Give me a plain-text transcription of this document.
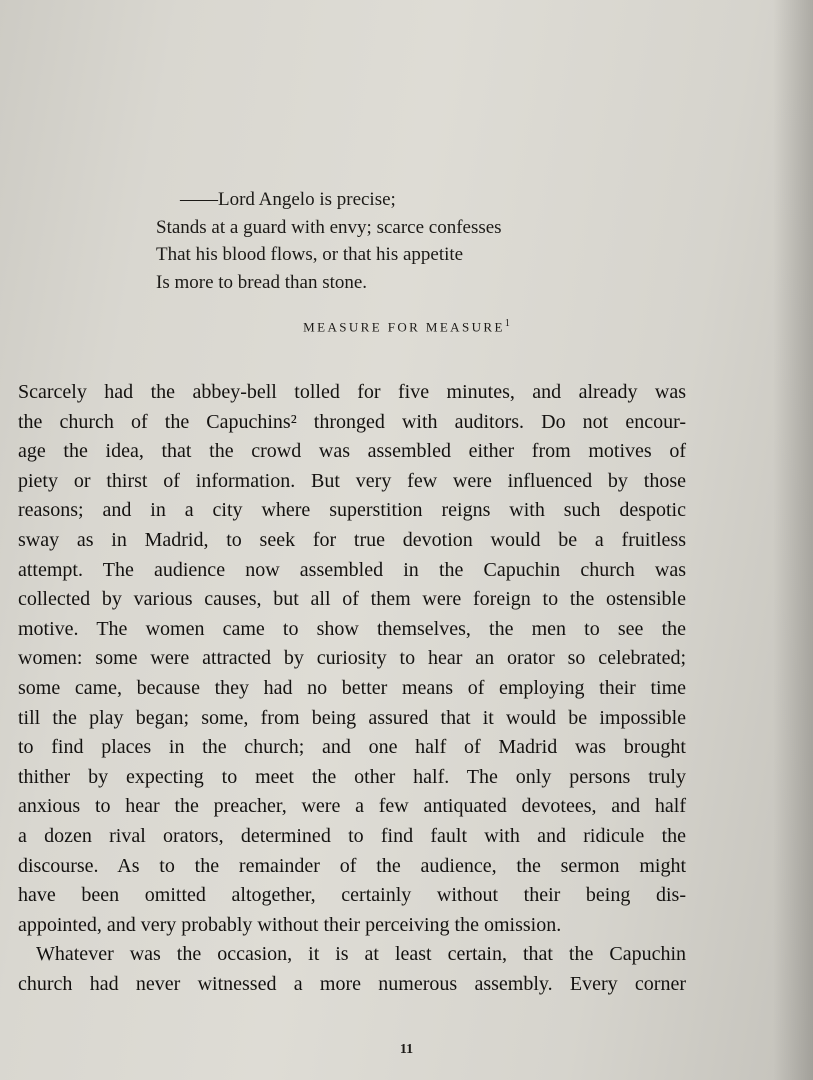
——Lord Angelo is precise;
Stands at a guard with envy; scarce confesses
That his blood flows, or that his appetite
Is more to bread than stone.
MEASURE FOR MEASURE$^1$
Scarcely had the abbey-bell tolled for five minutes, and already was
the church of the Capuchins² thronged with auditors. Do not encour-
age the idea, that the crowd was assembled either from motives of
piety or thirst of information. But very few were influenced by those
reasons; and in a city where superstition reigns with such despotic
sway as in Madrid, to seek for true devotion would be a fruitless
attempt. The audience now assembled in the Capuchin church was
collected by various causes, but all of them were foreign to the ostensible
motive. The women came to show themselves, the men to see the
women: some were attracted by curiosity to hear an orator so celebrated;
some came, because they had no better means of employing their time
till the play began; some, from being assured that it would be impossible
to find places in the church; and one half of Madrid was brought
thither by expecting to meet the other half. The only persons truly
anxious to hear the preacher, were a few antiquated devotees, and half
a dozen rival orators, determined to find fault with and ridicule the
discourse. As to the remainder of the audience, the sermon might
have been omitted altogether, certainly without their being dis-
appointed, and very probably without their perceiving the omission.
Whatever was the occasion, it is at least certain, that the Capuchin
church had never witnessed a more numerous assembly. Every corner
11
